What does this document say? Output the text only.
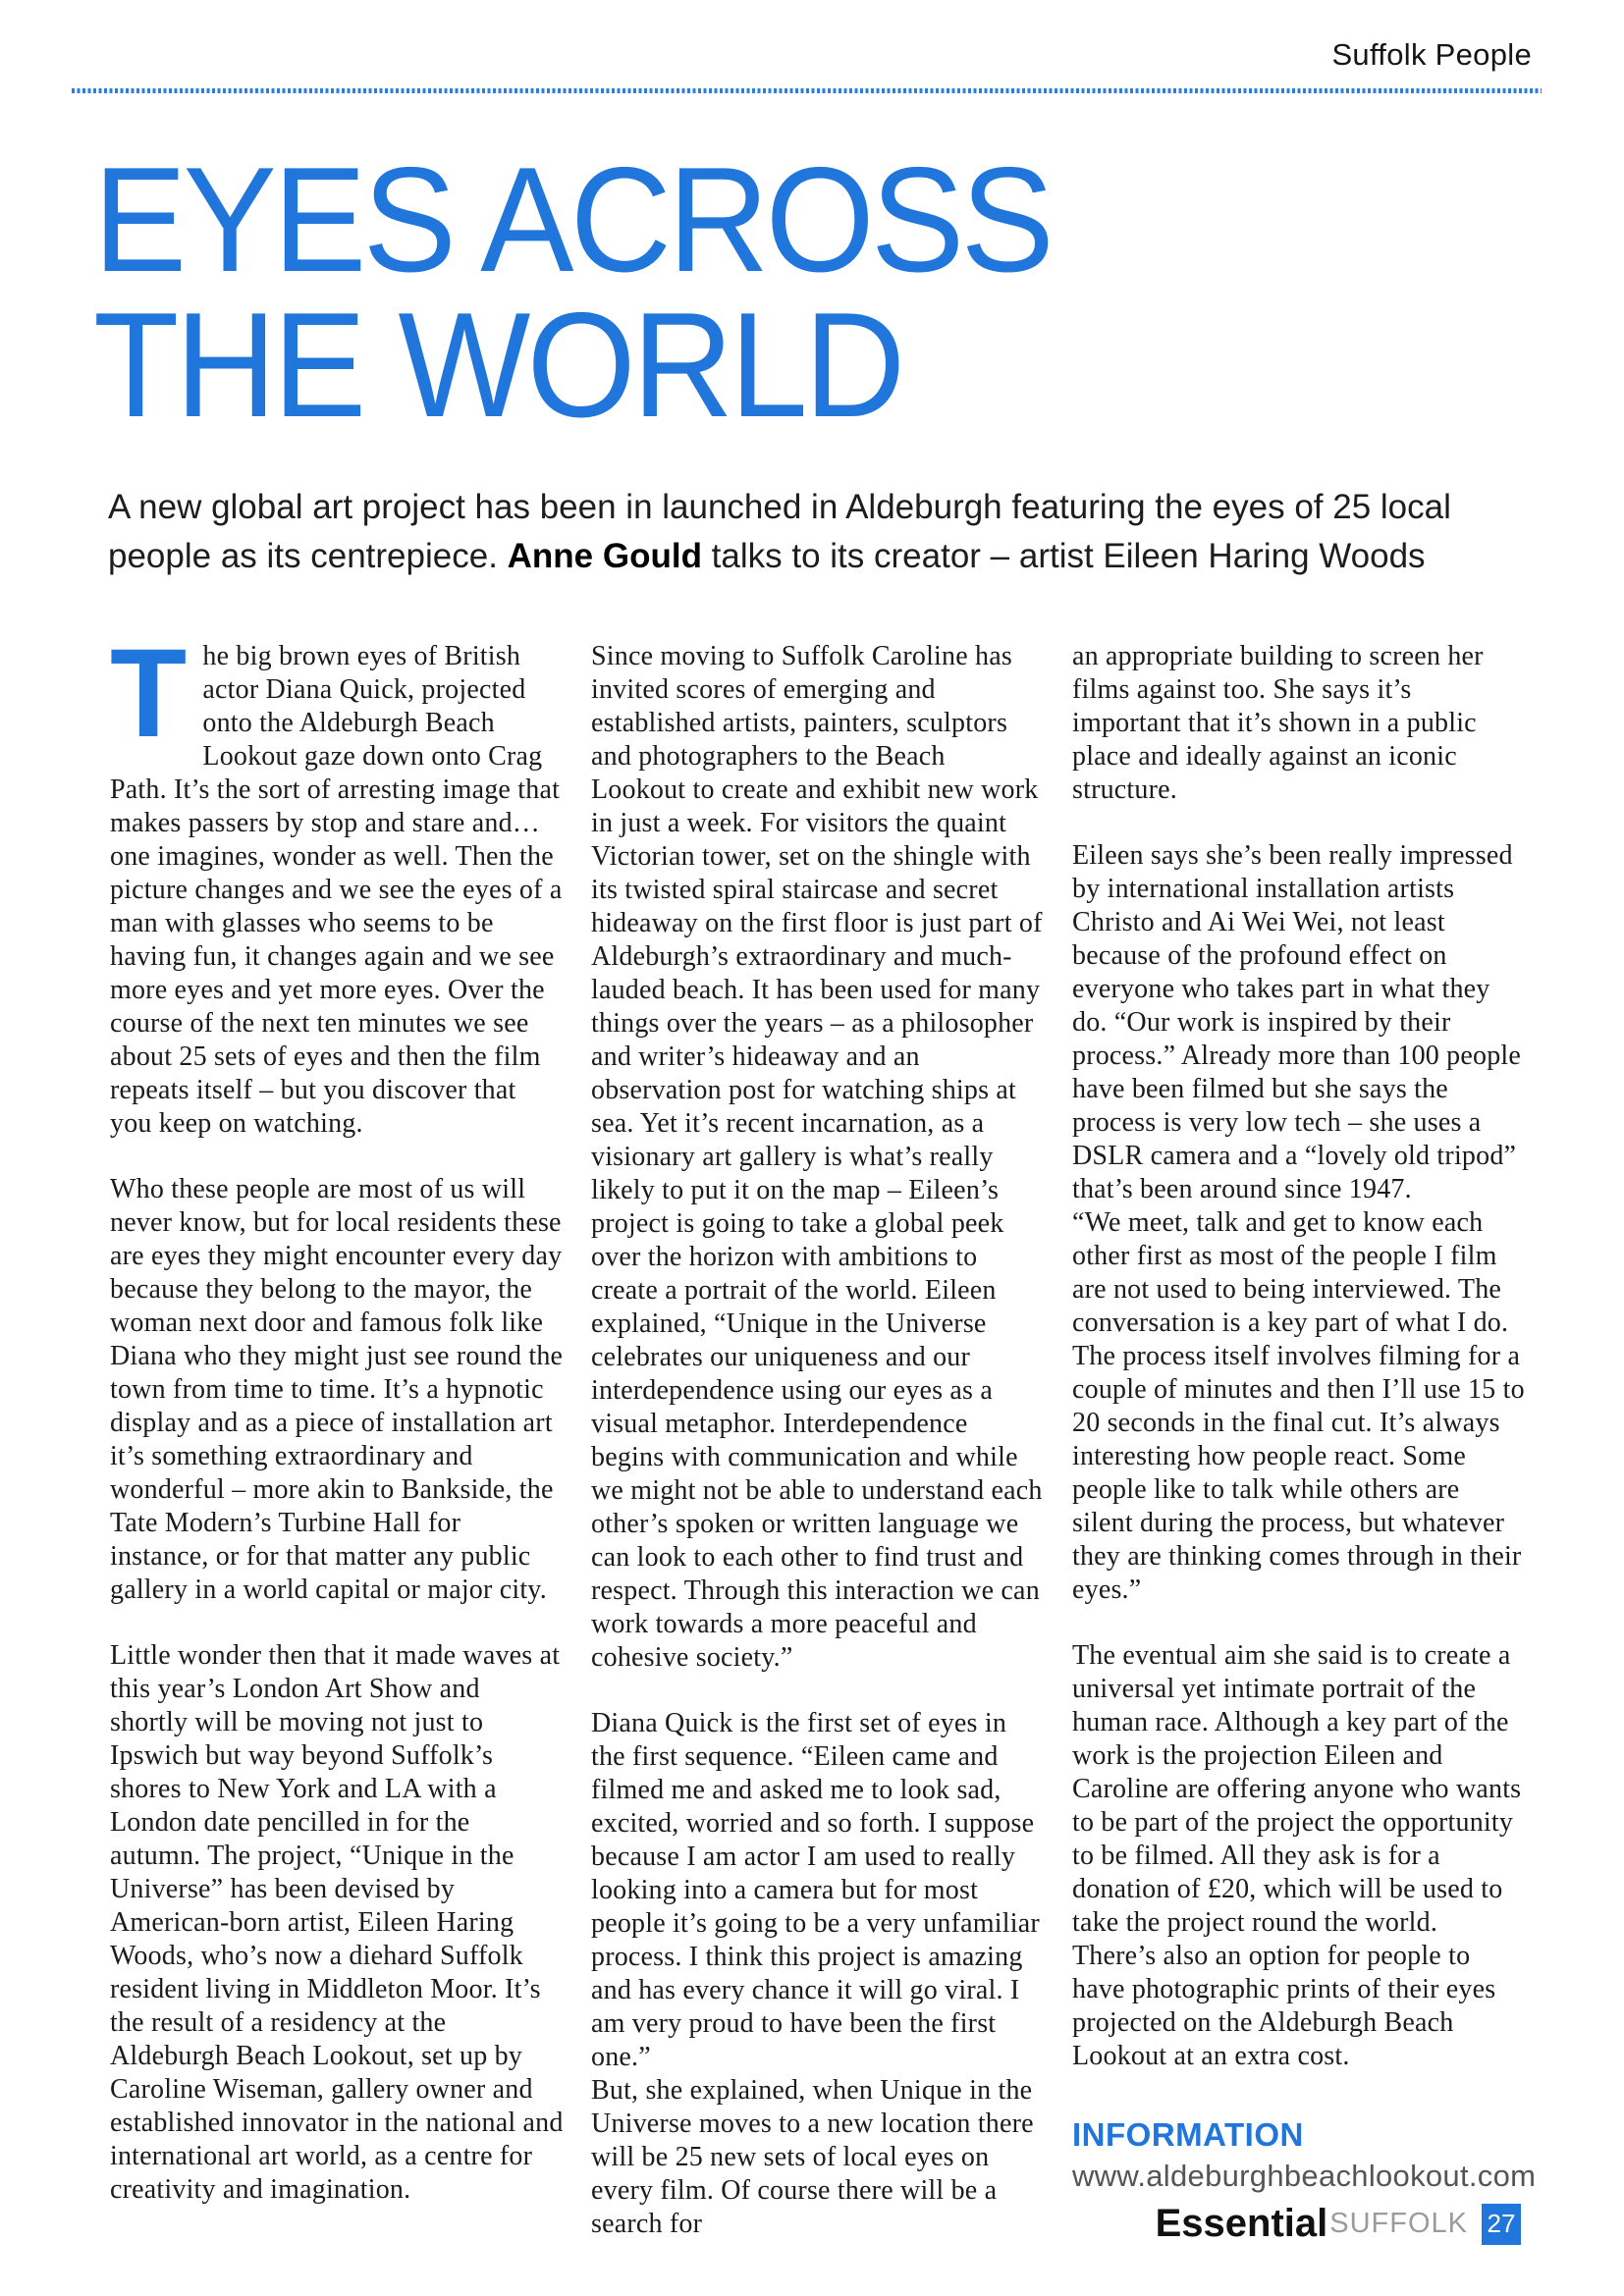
Suffolk People
EYES ACROSS
THE WORLD

A new global art project has been in launched in Aldeburgh featuring the eyes of 25 local people as its centrepiece. Anne Gould talks to its creator – artist Eileen Haring Woods

The big brown eyes of British actor Diana Quick, projected onto the Aldeburgh Beach Lookout gaze down onto Crag Path. It’s the sort of arresting image that makes passers by stop and stare and… one imagines, wonder as well. Then the picture changes and we see the eyes of a man with glasses who seems to be having fun, it changes again and we see more eyes and yet more eyes. Over the course of the next ten minutes we see about 25 sets of eyes and then the film repeats itself – but you discover that you keep on watching.

Who these people are most of us will never know, but for local residents these are eyes they might encounter every day because they belong to the mayor, the woman next door and famous folk like Diana who they might just see round the town from time to time. It’s a hypnotic display and as a piece of installation art it’s something extraordinary and wonderful – more akin to Bankside, the Tate Modern’s Turbine Hall for instance, or for that matter any public gallery in a world capital or major city.

Little wonder then that it made waves at this year’s London Art Show and shortly will be moving not just to Ipswich but way beyond Suffolk’s shores to New York and LA with a London date pencilled in for the autumn. The project, “Unique in the Universe” has been devised by American-born artist, Eileen Haring Woods, who’s now a diehard Suffolk resident living in Middleton Moor. It’s the result of a residency at the Aldeburgh Beach Lookout, set up by Caroline Wiseman, gallery owner and established innovator in the national and international art world, as a centre for creativity and imagination.

Since moving to Suffolk Caroline has invited scores of emerging and established artists, painters, sculptors and photographers to the Beach Lookout to create and exhibit new work in just a week. For visitors the quaint Victorian tower, set on the shingle with its twisted spiral staircase and secret hideaway on the first floor is just part of Aldeburgh’s extraordinary and much-lauded beach. It has been used for many things over the years – as a philosopher and writer’s hideaway and an observation post for watching ships at sea. Yet it’s recent incarnation, as a visionary art gallery is what’s really likely to put it on the map – Eileen’s project is going to take a global peek over the horizon with ambitions to create a portrait of the world. Eileen explained, “Unique in the Universe celebrates our uniqueness and our interdependence using our eyes as a visual metaphor. Interdependence begins with communication and while we might not be able to understand each other’s spoken or written language we can look to each other to find trust and respect. Through this interaction we can work towards a more peaceful and cohesive society.”

Diana Quick is the first set of eyes in the first sequence. “Eileen came and filmed me and asked me to look sad, excited, worried and so forth. I suppose because I am actor I am used to really looking into a camera but for most people it’s going to be a very unfamiliar process. I think this project is amazing and has every chance it will go viral. I am very proud to have been the first one.”

But, she explained, when Unique in the Universe moves to a new location there will be 25 new sets of local eyes on every film. Of course there will be a search for

an appropriate building to screen her films against too. She says it’s important that it’s shown in a public place and ideally against an iconic structure.

Eileen says she’s been really impressed by international installation artists Christo and Ai Wei Wei, not least because of the profound effect on everyone who takes part in what they do. “Our work is inspired by their process.” Already more than 100 people have been filmed but she says the process is very low tech – she uses a DSLR camera and a “lovely old tripod” that’s been around since 1947.

“We meet, talk and get to know each other first as most of the people I film are not used to being interviewed. The conversation is a key part of what I do. The process itself involves filming for a couple of minutes and then I’ll use 15 to 20 seconds in the final cut. It’s always interesting how people react. Some people like to talk while others are silent during the process, but whatever they are thinking comes through in their eyes.”

The eventual aim she said is to create a universal yet intimate portrait of the human race. Although a key part of the work is the projection Eileen and Caroline are offering anyone who wants to be part of the project the opportunity to be filmed. All they ask is for a donation of £20, which will be used to take the project round the world. There’s also an option for people to have photographic prints of their eyes projected on the Aldeburgh Beach Lookout at an extra cost.

INFORMATION

www.aldeburghbeachlookout.com

Essential SUFFOLK 27
